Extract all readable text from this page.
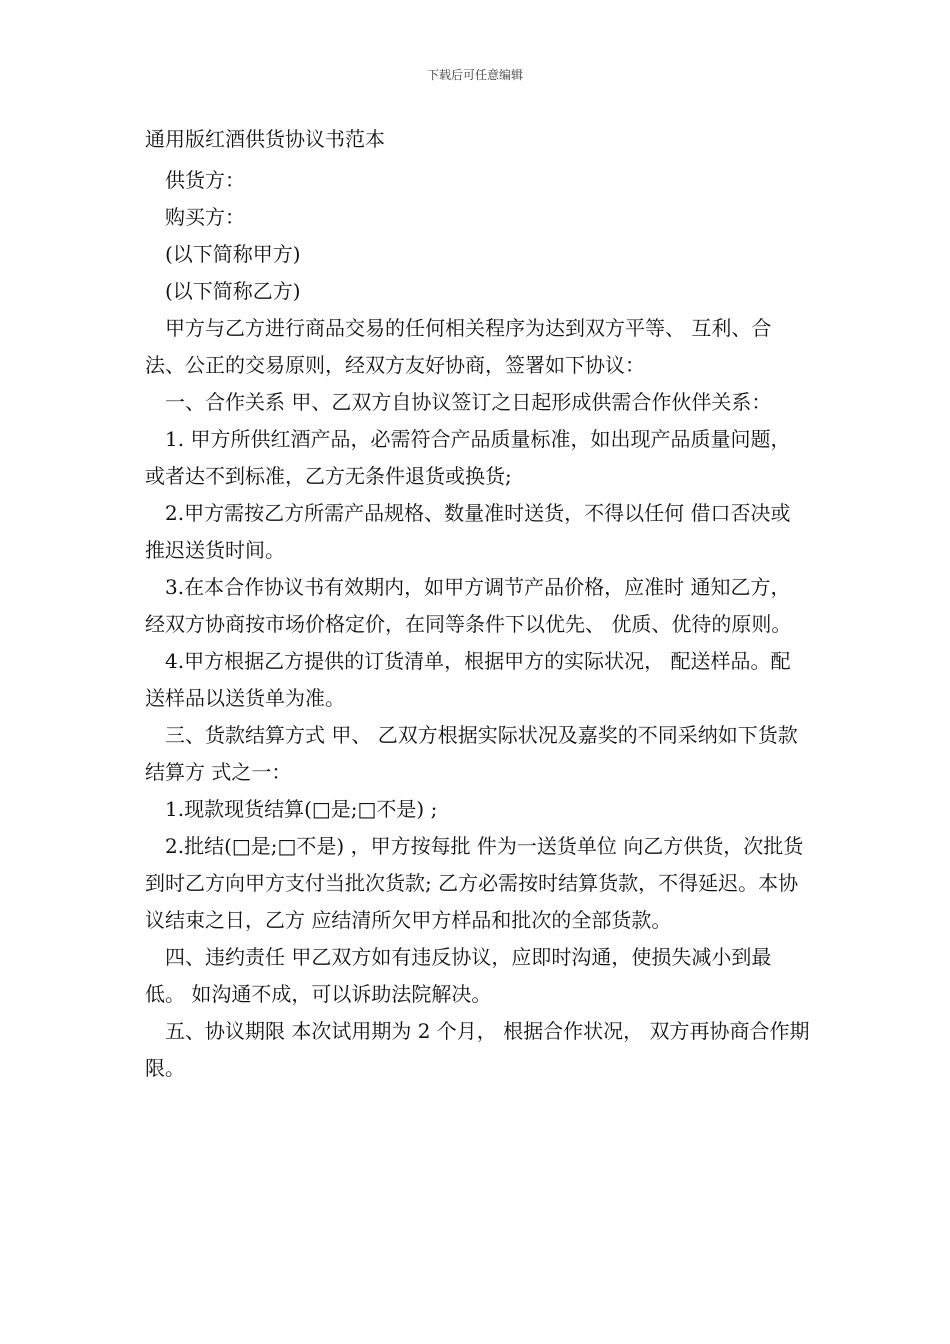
下载后可任意编辑
通用版红酒供货协议书范本

供货方：

购买方：

(以下简称甲方)

(以下简称乙方)

甲方与乙方进行商品交易的任何相关程序为达到双方平等、 互利、合法、公正的交易原则，经双方友好协商，签署如下协议：

一、合作关系 甲、乙双方自协议签订之日起形成供需合作伙伴关系：

1. 甲方所供红酒产品，必需符合产品质量标准，如出现产品质量问题，或者达不到标准，乙方无条件退货或换货;

2.甲方需按乙方所需产品规格、数量准时送货，不得以任何 借口否决或推迟送货时间。

3.在本合作协议书有效期内，如甲方调节产品价格，应准时 通知乙方，经双方协商按市场价格定价，在同等条件下以优先、 优质、优待的原则。

4.甲方根据乙方提供的订货清单，根据甲方的实际状况， 配送样品。配送样品以送货单为准。

三、货款结算方式 甲、 乙双方根据实际状况及嘉奖的不同采纳如下货款结算方 式之一：

1.现款现货结算(□是;□不是) ;

2.批结(□是;□不是) ，甲方按每批 件为一送货单位 向乙方供货，次批货到时乙方向甲方支付当批次货款; 乙方必需按时结算货款，不得延迟。本协议结束之日，乙方 应结清所欠甲方样品和批次的全部货款。

四、违约责任 甲乙双方如有违反协议，应即时沟通，使损失减小到最低。 如沟通不成，可以诉助法院解决。

五、协议期限 本次试用期为 2 个月， 根据合作状况， 双方再协商合作期限。
